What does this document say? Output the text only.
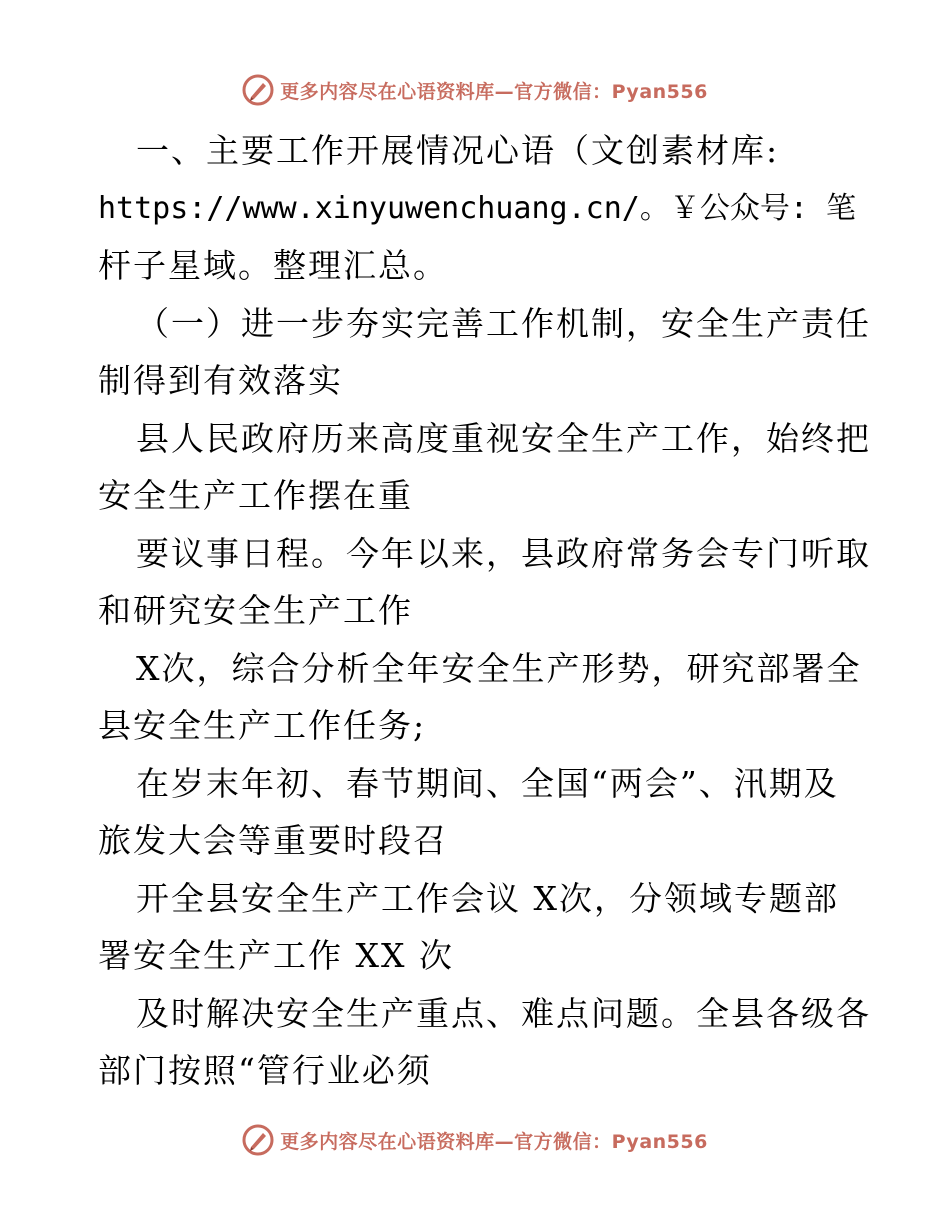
更多内容尽在心语资料库—官方微信：Pyan556

一、主要工作开展情况心语（文创素材库:

https://www.xinyuwenchuang.cn/。￥公众号: 笔

杆子星域。整理汇总。

（一）进一步夯实完善工作机制，安全生产责任

制得到有效落实

县人民政府历来高度重视安全生产工作，始终把

安全生产工作摆在重

要议事日程。今年以来，县政府常务会专门听取

和研究安全生产工作

X次，综合分析全年安全生产形势，研究部署全

县安全生产工作任务;

在岁末年初、春节期间、全国“两会”、汛期及

旅发大会等重要时段召

开全县安全生产工作会议 X次，分领域专题部

署安全生产工作 XX 次

及时解决安全生产重点、难点问题。全县各级各

部门按照“管行业必须

更多内容尽在心语资料库—官方微信：Pyan556
